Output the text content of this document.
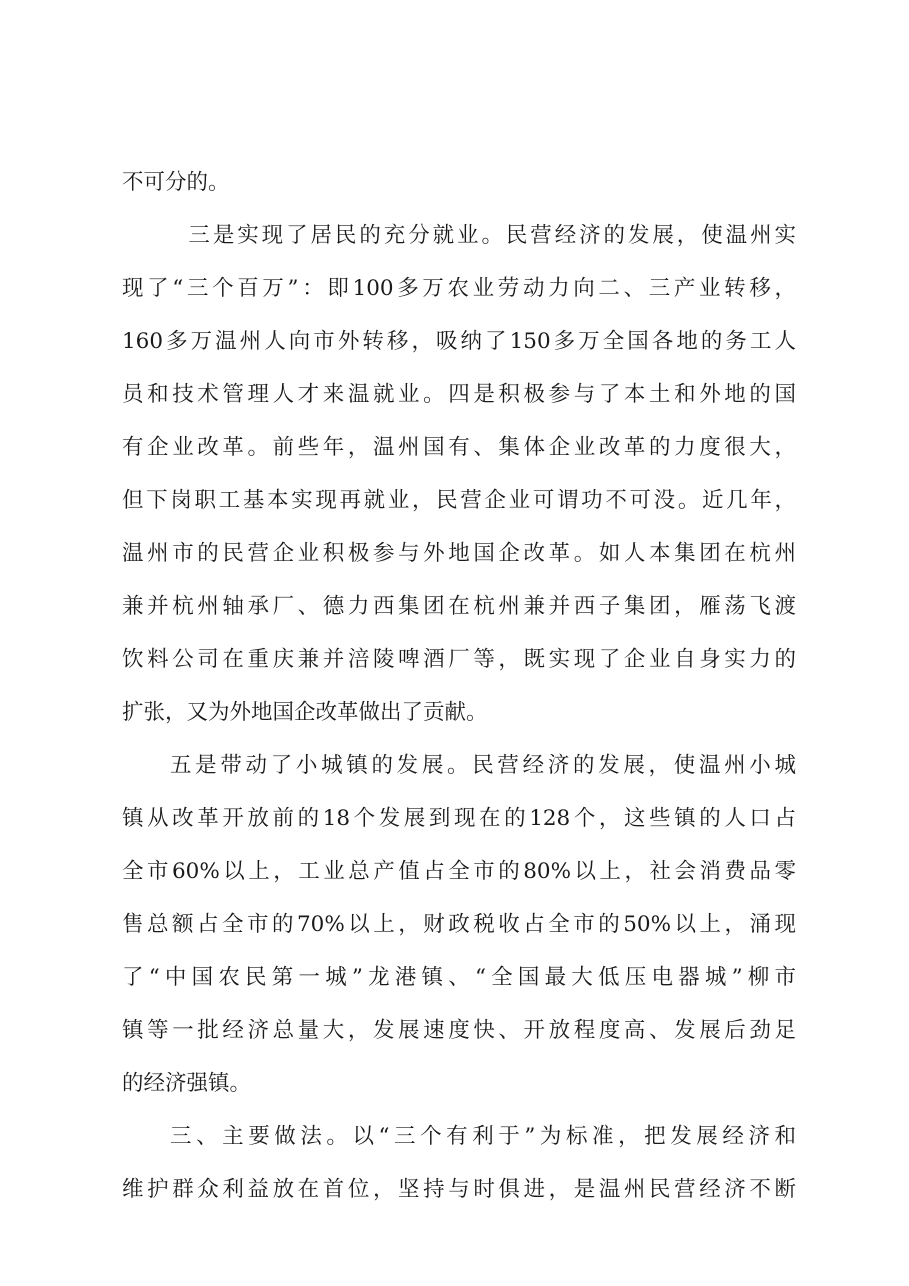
不可分的。
　三是实现了居民的充分就业。民营经济的发展，使温州实
现了“三个百万”：即100多万农业劳动力向二、三产业转移，
160多万温州人向市外转移，吸纳了150多万全国各地的务工人
员和技术管理人才来温就业。四是积极参与了本土和外地的国
有企业改革。前些年，温州国有、集体企业改革的力度很大，
但下岗职工基本实现再就业，民营企业可谓功不可没。近几年，
温州市的民营企业积极参与外地国企改革。如人本集团在杭州
兼并杭州轴承厂、德力西集团在杭州兼并西子集团，雁荡飞渡
饮料公司在重庆兼并涪陵啤酒厂等，既实现了企业自身实力的
扩张，又为外地国企改革做出了贡献。
五是带动了小城镇的发展。民营经济的发展，使温州小城
镇从改革开放前的18个发展到现在的128个，这些镇的人口占
全市60%以上，工业总产值占全市的80%以上，社会消费品零
售总额占全市的70%以上，财政税收占全市的50%以上，涌现
了“中国农民第一城”龙港镇、“全国最大低压电器城”柳市
镇等一批经济总量大，发展速度快、开放程度高、发展后劲足
的经济强镇。
三、主要做法。以“三个有利于”为标准，把发展经济和
维护群众利益放在首位，坚持与时俱进，是温州民营经济不断
